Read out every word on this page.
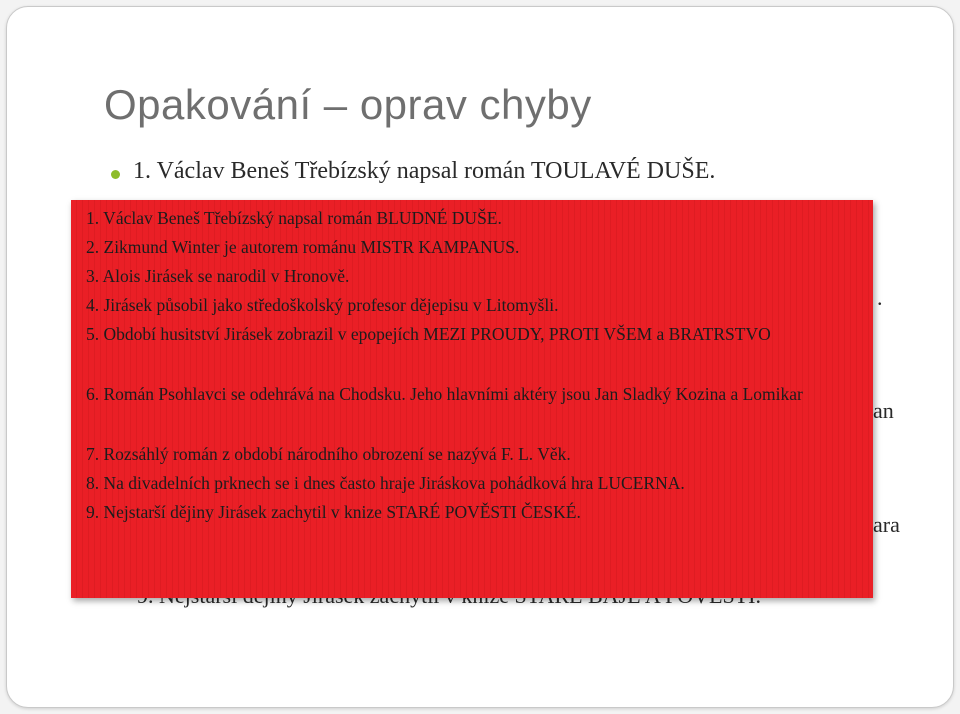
Opakování – oprav chyby
1. Václav Beneš Třebízský napsal román TOULAVÉ DUŠE.
.
an
ara
1. Václav Beneš Třebízský napsal román BLUDNÉ DUŠE.
2. Zikmund Winter je autorem románu MISTR KAMPANUS.
3. Alois Jirásek se narodil v Hronově.
4. Jirásek působil jako středoškolský profesor dějepisu v Litomyšli.
5. Období husitství Jirásek zobrazil v epopejích MEZI PROUDY, PROTI VŠEM a BRATRSTVO
6. Román Psohlavci se odehrává na Chodsku. Jeho hlavními aktéry jsou Jan Sladký Kozina a Lomikar
7. Rozsáhlý román z období národního obrození se nazývá F. L. Věk.
8. Na divadelních prknech se i dnes často hraje Jiráskova pohádková hra LUCERNA.
9. Nejstarší dějiny Jirásek zachytil v knize STARÉ POVĚSTI ČESKÉ.
